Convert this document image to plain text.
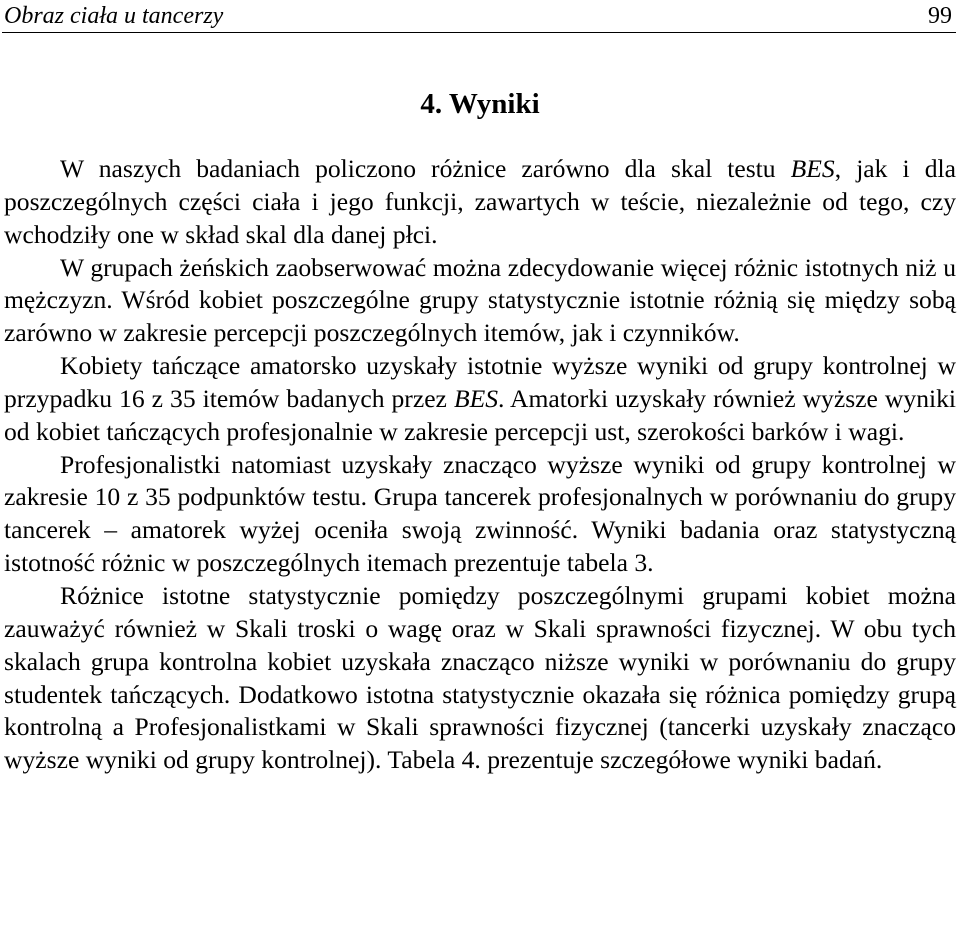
Obraz ciała u tancerzy	99
4. Wyniki

W naszych badaniach policzono różnice zarówno dla skal testu BES, jak i dla poszczególnych części ciała i jego funkcji, zawartych w teście, niezależnie od tego, czy wchodziły one w skład skal dla danej płci.

W grupach żeńskich zaobserwować można zdecydowanie więcej różnic istotnych niż u mężczyzn. Wśród kobiet poszczególne grupy statystycznie istotnie różnią się między sobą zarówno w zakresie percepcji poszczególnych itemów, jak i czynników.

Kobiety tańczące amatorsko uzyskały istotnie wyższe wyniki od grupy kontrolnej w przypadku 16 z 35 itemów badanych przez BES. Amatorki uzyskały również wyższe wyniki od kobiet tańczących profesjonalnie w zakresie percepcji ust, szerokości barków i wagi.

Profesjonalistki natomiast uzyskały znacząco wyższe wyniki od grupy kontrolnej w zakresie 10 z 35 podpunktów testu. Grupa tancerek profesjonalnych w porównaniu do grupy tancerek – amatorek wyżej oceniła swoją zwinność. Wyniki badania oraz statystyczną istotność różnic w poszczególnych itemach prezentuje tabela 3.

Różnice istotne statystycznie pomiędzy poszczególnymi grupami kobiet można zauważyć również w Skali troski o wagę oraz w Skali sprawności fizycznej. W obu tych skalach grupa kontrolna kobiet uzyskała znacząco niższe wyniki w porównaniu do grupy studentek tańczących. Dodatkowo istotna statystycznie okazała się różnica pomiędzy grupą kontrolną a Profesjonalistkami w Skali sprawności fizycznej (tancerki uzyskały znacząco wyższe wyniki od grupy kontrolnej). Tabela 4. prezentuje szczegółowe wyniki badań.
